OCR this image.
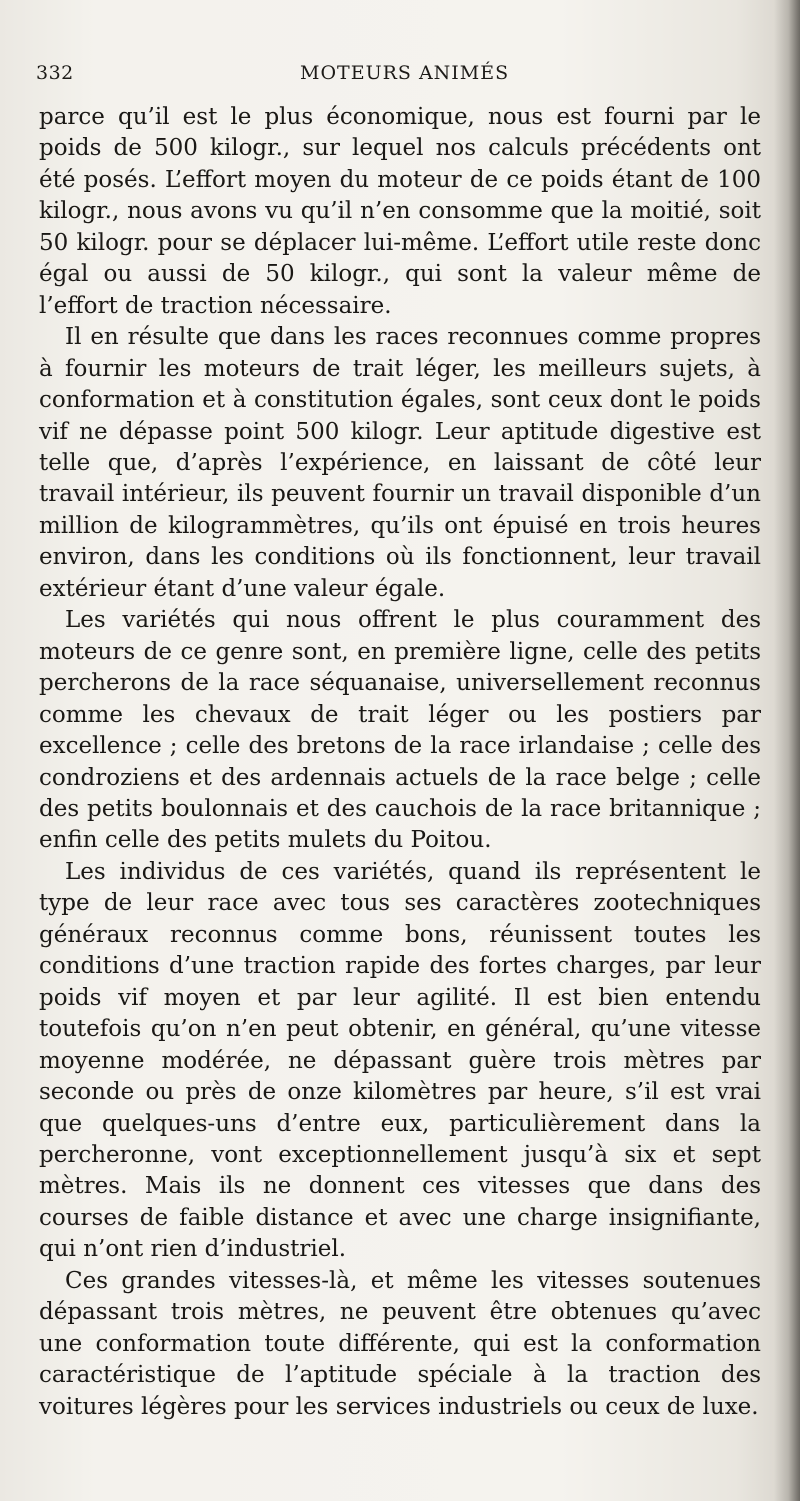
332	MOTEURS ANIMÉS

parce qu’il est le plus économique, nous est fourni par le poids de 500 kilogr., sur lequel nos calculs précédents ont été posés. L’effort moyen du moteur de ce poids étant de 100 kilogr., nous avons vu qu’il n’en consomme que la moitié, soit 50 kilogr. pour se déplacer lui-même. L’effort utile reste donc égal ou aussi de 50 kilogr., qui sont la valeur même de l’effort de traction nécessaire.

Il en résulte que dans les races reconnues comme propres à fournir les moteurs de trait léger, les meilleurs sujets, à conformation et à constitution égales, sont ceux dont le poids vif ne dépasse point 500 kilogr. Leur aptitude digestive est telle que, d’après l’expérience, en laissant de côté leur travail intérieur, ils peuvent fournir un travail disponible d’un million de kilogrammètres, qu’ils ont épuisé en trois heures environ, dans les conditions où ils fonctionnent, leur travail extérieur étant d’une valeur égale.

Les variétés qui nous offrent le plus couramment des moteurs de ce genre sont, en première ligne, celle des petits percherons de la race séquanaise, universellement reconnus comme les chevaux de trait léger ou les postiers par excellence ; celle des bretons de la race irlandaise ; celle des condroziens et des ardennais actuels de la race belge ; celle des petits boulonnais et des cauchois de la race britannique ; enfin celle des petits mulets du Poitou.

Les individus de ces variétés, quand ils représentent le type de leur race avec tous ses caractères zootechniques généraux reconnus comme bons, réunissent toutes les conditions d’une traction rapide des fortes charges, par leur poids vif moyen et par leur agilité. Il est bien entendu toutefois qu’on n’en peut obtenir, en général, qu’une vitesse moyenne modérée, ne dépassant guère trois mètres par seconde ou près de onze kilomètres par heure, s’il est vrai que quelques-uns d’entre eux, particulièrement dans la percheronne, vont exceptionnellement jusqu’à six et sept mètres. Mais ils ne donnent ces vitesses que dans des courses de faible distance et avec une charge insignifiante, qui n’ont rien d’industriel.

Ces grandes vitesses-là, et même les vitesses soutenues dépassant trois mètres, ne peuvent être obtenues qu’avec une conformation toute différente, qui est la conformation caractéristique de l’aptitude spéciale à la traction des voitures légères pour les services industriels ou ceux de luxe.
